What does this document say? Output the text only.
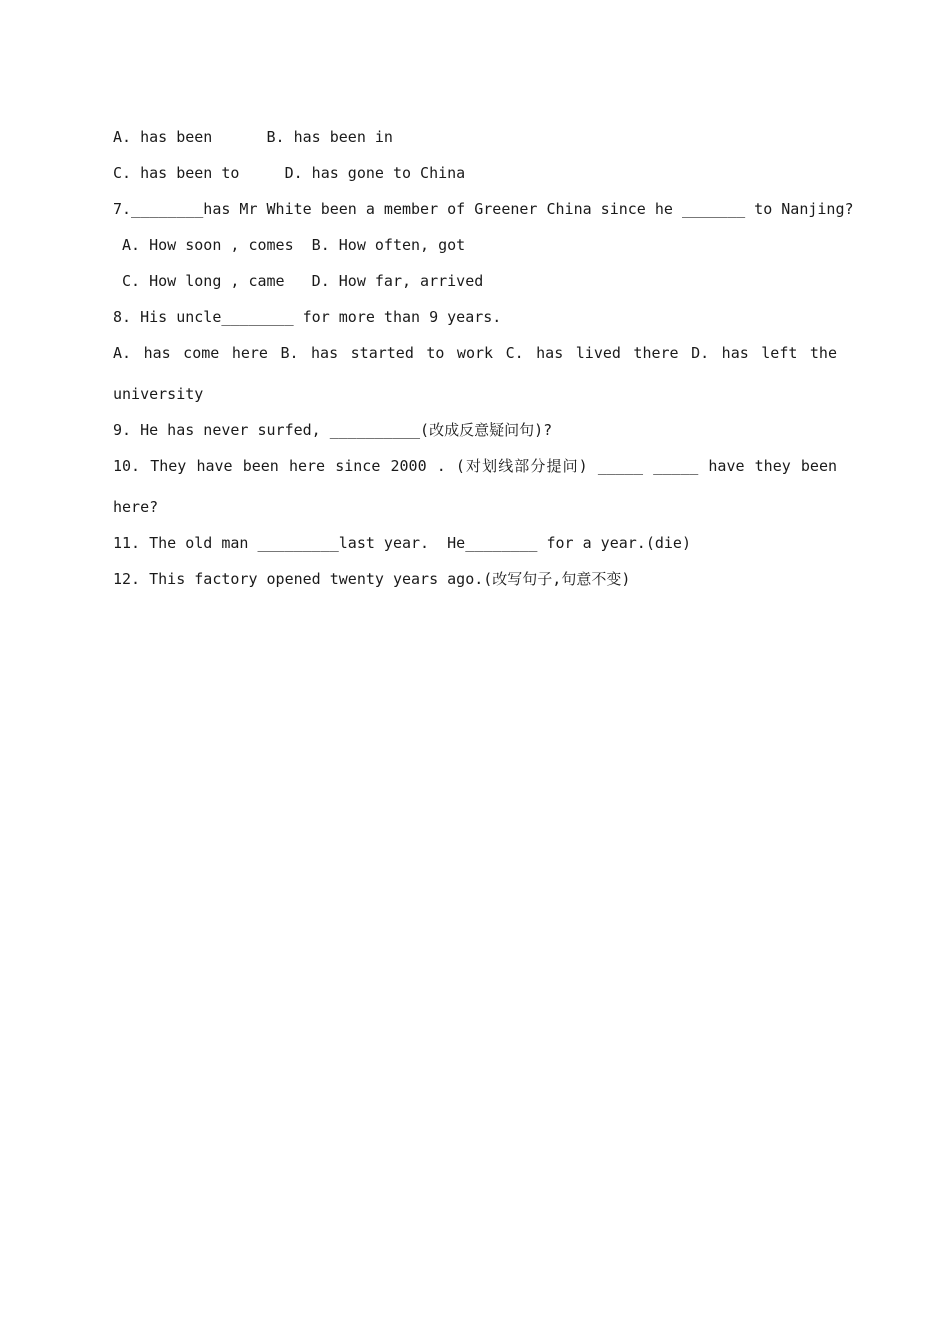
A. has been      B. has been in
C. has been to     D. has gone to China
7.________has Mr White been a member of Greener China since he _______ to Nanjing?
A. How soon , comes  B. How often, got
C. How long , came   D. How far, arrived
8. His uncle________ for more than 9 years.
A. has come here B. has started to work C. has lived there D. has left the
university
9. He has never surfed, __________(改成反意疑问句)?
10. They have been here since 2000 . (对划线部分提问) _____ _____ have they been
here?
11. The old man _________last year.  He________ for a year.(die)
12. This factory opened twenty years ago.(改写句子,句意不变)
